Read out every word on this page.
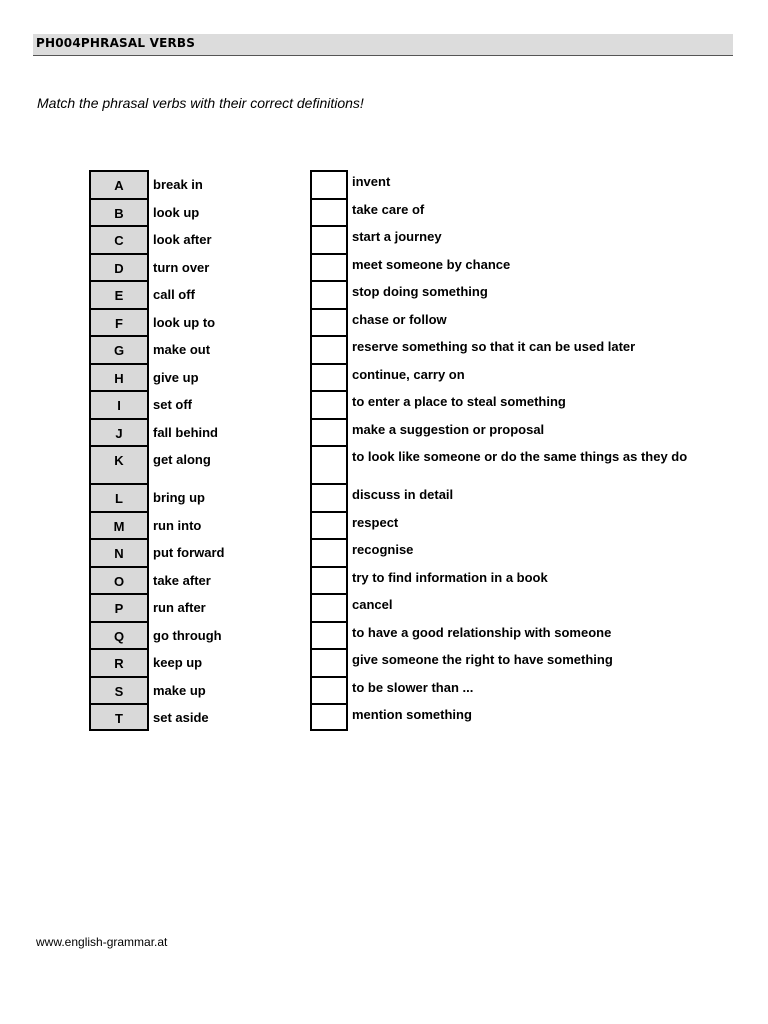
PH004PHRASAL VERBS
Match the phrasal verbs with their correct definitions!
A	break in	invent
B	look up	take care of
C	look after	start a journey
D	turn over	meet someone by chance
E	call off	stop doing something
F	look up to	chase or follow
G	make out	reserve something so that it can be used later
H	give up	continue, carry on
I	set off	to enter a place to steal something
J	fall behind	make a suggestion or proposal
K	get along	to look like someone or do the same things as they do
L	bring up	discuss in detail
M	run into	respect
N	put forward	recognise
O	take after	try to find information in a book
P	run after	cancel
Q	go through	to have a good relationship with someone
R	keep up	give someone the right to have something
S	make up	to be slower than ...
T	set aside	mention something
www.english-grammar.at
